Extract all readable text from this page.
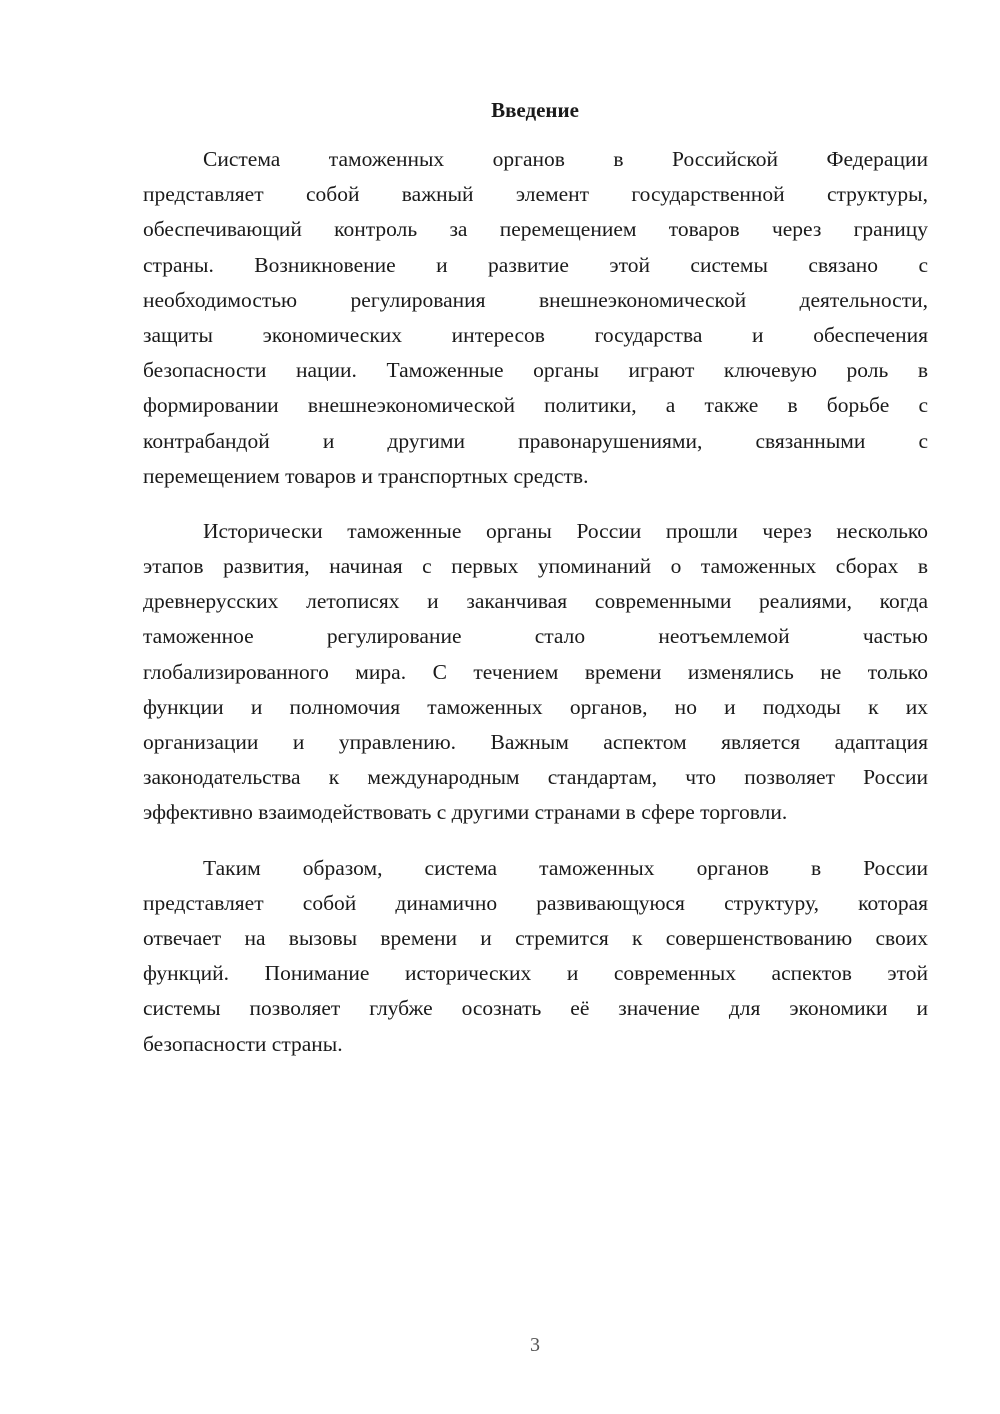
Введение
Система таможенных органов в Российской Федерации
представляет собой важный элемент государственной структуры,
обеспечивающий контроль за перемещением товаров через границу
страны. Возникновение и развитие этой системы связано с
необходимостью регулирования внешнеэкономической деятельности,
защиты экономических интересов государства и обеспечения
безопасности нации. Таможенные органы играют ключевую роль в
формировании внешнеэкономической политики, а также в борьбе с
контрабандой и другими правонарушениями, связанными с
перемещением товаров и транспортных средств.
Исторически таможенные органы России прошли через несколько
этапов развития, начиная с первых упоминаний о таможенных сборах в
древнерусских летописях и заканчивая современными реалиями, когда
таможенное регулирование стало неотъемлемой частью
глобализированного мира. С течением времени изменялись не только
функции и полномочия таможенных органов, но и подходы к их
организации и управлению. Важным аспектом является адаптация
законодательства к международным стандартам, что позволяет России
эффективно взаимодействовать с другими странами в сфере торговли.
Таким образом, система таможенных органов в России
представляет собой динамично развивающуюся структуру, которая
отвечает на вызовы времени и стремится к совершенствованию своих
функций. Понимание исторических и современных аспектов этой
системы позволяет глубже осознать её значение для экономики и
безопасности страны.
3
